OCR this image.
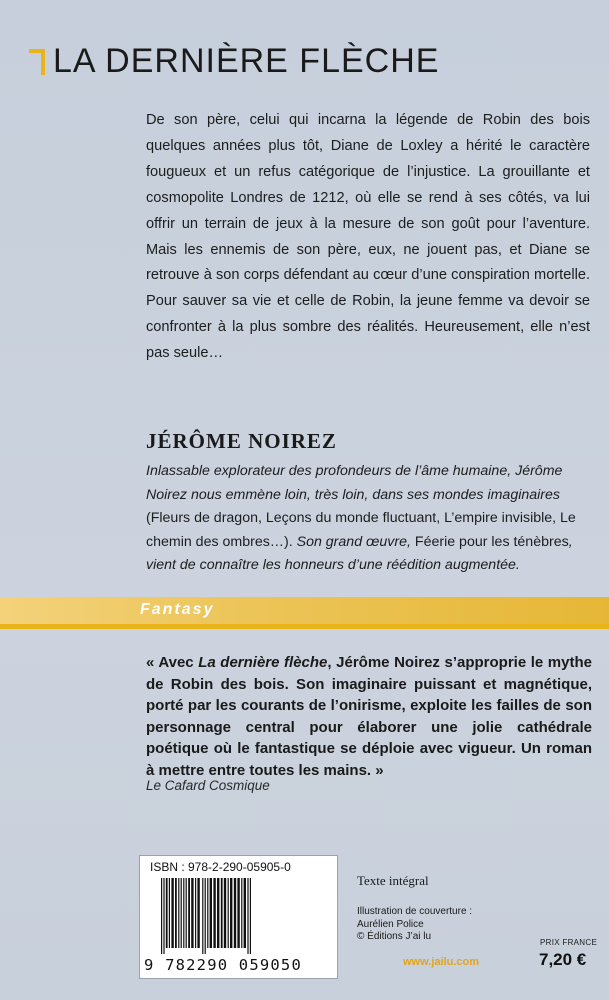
LA DERNIÈRE FLÈCHE

De son père, celui qui incarna la légende de Robin des bois quelques années plus tôt, Diane de Loxley a hérité le caractère fougueux et un refus catégorique de l’injustice. La grouillante et cosmopolite Londres de 1212, où elle se rend à ses côtés, va lui offrir un terrain de jeux à la mesure de son goût pour l’aventure. Mais les ennemis de son père, eux, ne jouent pas, et Diane se retrouve à son corps défendant au cœur d’une conspiration mortelle. Pour sauver sa vie et celle de Robin, la jeune femme va devoir se confronter à la plus sombre des réalités. Heureusement, elle n’est pas seule…

JÉRÔME NOIREZ

Inlassable explorateur des profondeurs de l’âme humaine, Jérôme Noirez nous emmène loin, très loin, dans ses mondes imaginaires (Fleurs de dragon, Leçons du monde fluctuant, L’empire invisible, Le chemin des ombres…). Son grand œuvre, Féerie pour les ténèbres, vient de connaître les honneurs d’une réédition augmentée.

Fantasy

« Avec La dernière flèche, Jérôme Noirez s’approprie le mythe de Robin des bois. Son imaginaire puissant et magnétique, porté par les courants de l’onirisme, exploite les failles de son personnage central pour élaborer une jolie cathédrale poétique où le fantastique se déploie avec vigueur. Un roman à mettre entre toutes les mains. »

Le Cafard Cosmique
ISBN : 978-2-290-05905-0
9 782290 059050
Texte intégral
Illustration de couverture :
Aurélien Police
© Éditions J’ai lu
www.jailu.com
PRIX FRANCE
7,20 €
